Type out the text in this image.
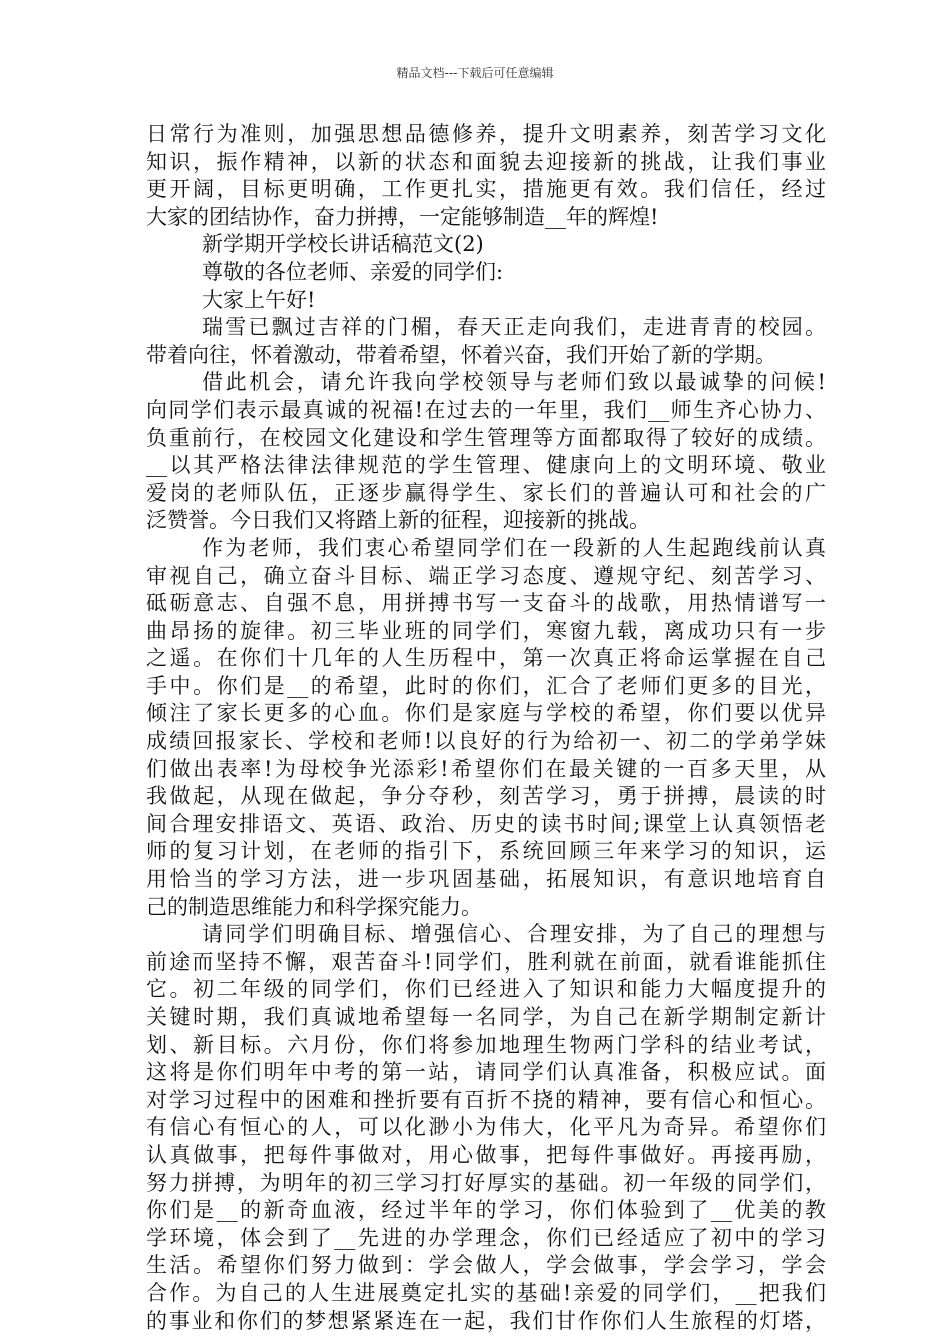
精品文档---下载后可任意编辑
日常行为准则，加强思想品德修养，提升文明素养，刻苦学习文化
知识，振作精神，以新的状态和面貌去迎接新的挑战，让我们事业
更开阔，目标更明确，工作更扎实，措施更有效。我们信任，经过
大家的团结协作，奋力拼搏，一定能够制造__年的辉煌!
新学期开学校长讲话稿范文(2)
尊敬的各位老师、亲爱的同学们:
大家上午好!
瑞雪已飘过吉祥的门楣，春天正走向我们，走进青青的校园。
带着向往，怀着激动，带着希望，怀着兴奋，我们开始了新的学期。
借此机会，请允许我向学校领导与老师们致以最诚挚的问候!
向同学们表示最真诚的祝福!在过去的一年里，我们__师生齐心协力、
负重前行，在校园文化建设和学生管理等方面都取得了较好的成绩。
__以其严格法律法律规范的学生管理、健康向上的文明环境、敬业
爱岗的老师队伍，正逐步赢得学生、家长们的普遍认可和社会的广
泛赞誉。今日我们又将踏上新的征程，迎接新的挑战。
作为老师，我们衷心希望同学们在一段新的人生起跑线前认真
审视自己，确立奋斗目标、端正学习态度、遵规守纪、刻苦学习、
砥砺意志、自强不息，用拼搏书写一支奋斗的战歌，用热情谱写一
曲昂扬的旋律。初三毕业班的同学们，寒窗九载，离成功只有一步
之遥。在你们十几年的人生历程中，第一次真正将命运掌握在自己
手中。你们是__的希望，此时的你们，汇合了老师们更多的目光，
倾注了家长更多的心血。你们是家庭与学校的希望，你们要以优异
成绩回报家长、学校和老师!以良好的行为给初一、初二的学弟学妹
们做出表率!为母校争光添彩!希望你们在最关键的一百多天里，从
我做起，从现在做起，争分夺秒，刻苦学习，勇于拼搏，晨读的时
间合理安排语文、英语、政治、历史的读书时间;课堂上认真领悟老
师的复习计划，在老师的指引下，系统回顾三年来学习的知识，运
用恰当的学习方法，进一步巩固基础，拓展知识，有意识地培育自
己的制造思维能力和科学探究能力。
请同学们明确目标、增强信心、合理安排，为了自己的理想与
前途而坚持不懈，艰苦奋斗!同学们，胜利就在前面，就看谁能抓住
它。初二年级的同学们，你们已经进入了知识和能力大幅度提升的
关键时期，我们真诚地希望每一名同学，为自己在新学期制定新计
划、新目标。六月份，你们将参加地理生物两门学科的结业考试，
这将是你们明年中考的第一站，请同学们认真准备，积极应试。面
对学习过程中的困难和挫折要有百折不挠的精神，要有信心和恒心。
有信心有恒心的人，可以化渺小为伟大，化平凡为奇异。希望你们
认真做事，把每件事做对，用心做事，把每件事做好。再接再励，
努力拼搏，为明年的初三学习打好厚实的基础。初一年级的同学们，
你们是__的新奇血液，经过半年的学习，你们体验到了__优美的教
学环境，体会到了__先进的办学理念，你们已经适应了初中的学习
生活。希望你们努力做到：学会做人，学会做事，学会学习，学会
合作。为自己的人生进展奠定扎实的基础!亲爱的同学们，__把我们
的事业和你们的梦想紧紧连在一起，我们甘作你们人生旅程的灯塔，
